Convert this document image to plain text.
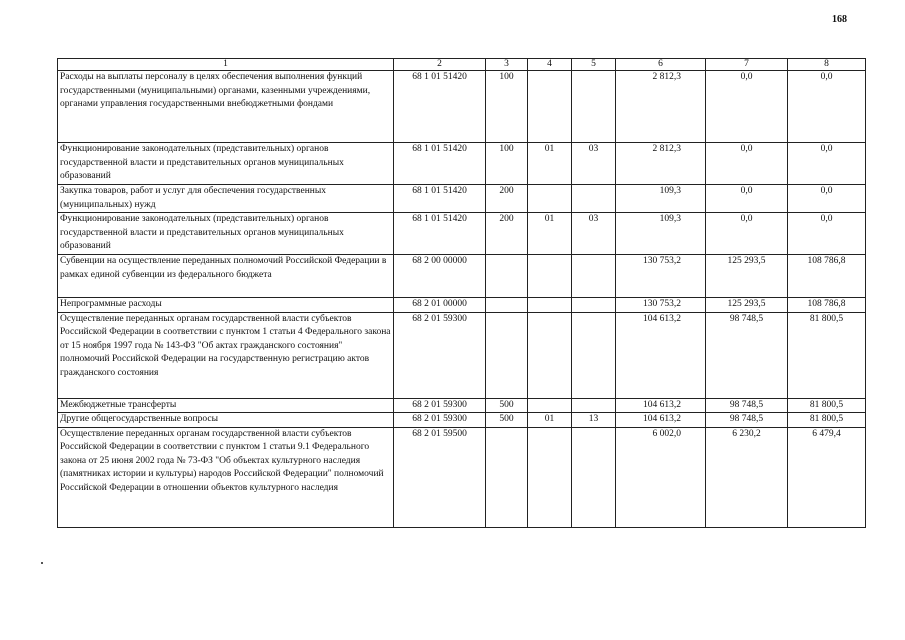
168
1	2	3	4	5	6	7	8
Расходы на выплаты персоналу в целях обеспечения выполнения функций государственными (муниципальными) органами, казенными учреждениями, органами управления государственными внебюджетными фондами	68 1 01 51420	100			2 812,3	0,0	0,0
Функционирование законодательных (представительных) органов государственной власти и представительных органов муниципальных образований	68 1 01 51420	100	01	03	2 812,3	0,0	0,0
Закупка товаров, работ и услуг для обеспечения государственных (муниципальных) нужд	68 1 01 51420	200			109,3	0,0	0,0
Функционирование законодательных (представительных) органов государственной власти и представительных органов муниципальных образований	68 1 01 51420	200	01	03	109,3	0,0	0,0
Субвенции на осуществление переданных полномочий Российской Федерации в рамках единой субвенции из федерального бюджета	68 2 00 00000				130 753,2	125 293,5	108 786,8
Непрограммные расходы	68 2 01 00000				130 753,2	125 293,5	108 786,8
Осуществление переданных органам государственной власти субъектов Российской Федерации в соответствии с пунктом 1 статьи 4 Федерального закона от 15 ноября 1997 года № 143-ФЗ "Об актах гражданского состояния" полномочий Российской Федерации на государственную регистрацию актов гражданского состояния	68 2 01 59300				104 613,2	98 748,5	81 800,5
Межбюджетные трансферты	68 2 01 59300	500			104 613,2	98 748,5	81 800,5
Другие общегосударственные вопросы	68 2 01 59300	500	01	13	104 613,2	98 748,5	81 800,5
Осуществление переданных органам государственной власти субъектов Российской Федерации в соответствии с пунктом 1 статьи 9.1 Федерального закона от 25 июня 2002 года № 73-ФЗ "Об объектах культурного наследия (памятниках истории и культуры) народов Российской Федерации" полномочий Российской Федерации в отношении объектов культурного наследия	68 2 01 59500				6 002,0	6 230,2	6 479,4
